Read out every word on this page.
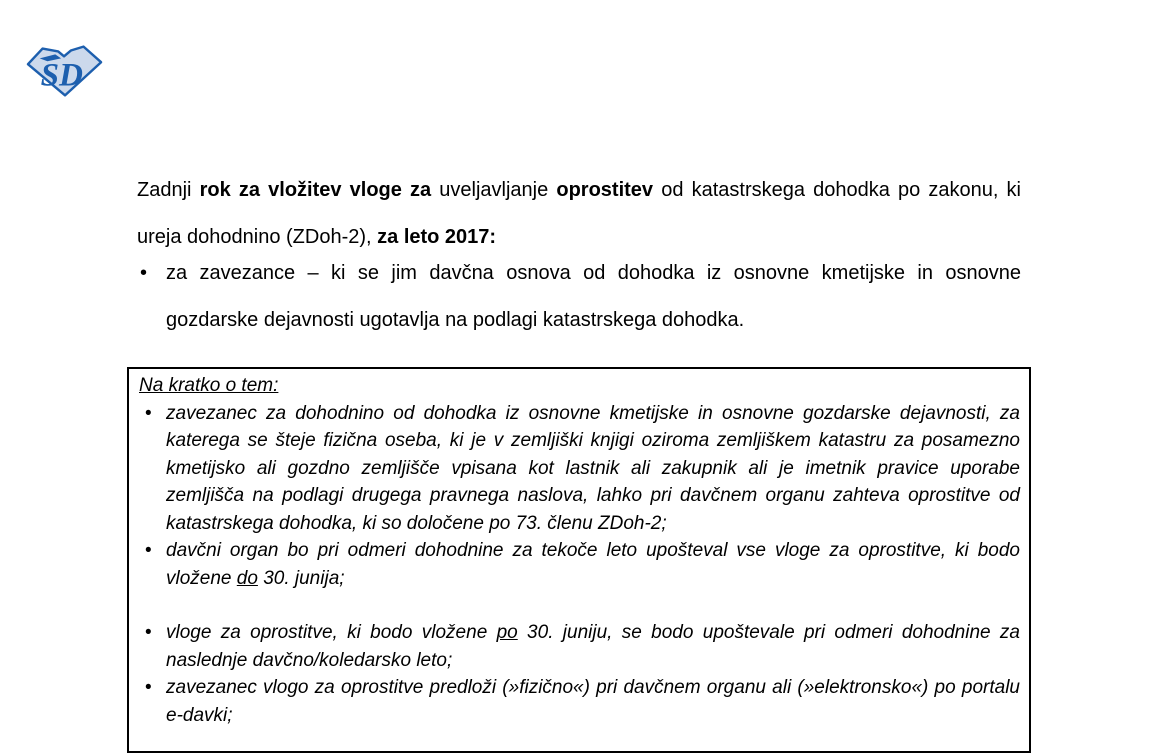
SD

Zadnji rok za vložitev vloge za uveljavljanje oprostitev od katastrskega dohodka po zakonu, ki ureja dohodnino (ZDoh-2), za leto 2017:

• za zavezance – ki se jim davčna osnova od dohodka iz osnovne kmetijske in osnovne gozdarske dejavnosti ugotavlja na podlagi katastrskega dohodka.
Na kratko o tem:
• zavezanec za dohodnino od dohodka iz osnovne kmetijske in osnovne gozdarske dejavnosti, za katerega se šteje fizična oseba, ki je v zemljiški knjigi oziroma zemljiškem katastru za posamezno kmetijsko ali gozdno zemljišče vpisana kot lastnik ali zakupnik ali je imetnik pravice uporabe zemljišča na podlagi drugega pravnega naslova, lahko pri davčnem organu zahteva oprostitve od katastrskega dohodka, ki so določene po 73. členu ZDoh-2;
• davčni organ bo pri odmeri dohodnine za tekoče leto upošteval vse vloge za oprostitve, ki bodo vložene do 30. junija;
• vloge za oprostitve, ki bodo vložene po 30. juniju, se bodo upoštevale pri odmeri dohodnine za naslednje davčno/koledarsko leto;
• zavezanec vlogo za oprostitve predloži (»fizično«) pri davčnem organu ali (»elektronsko«) po portalu e-davki;
